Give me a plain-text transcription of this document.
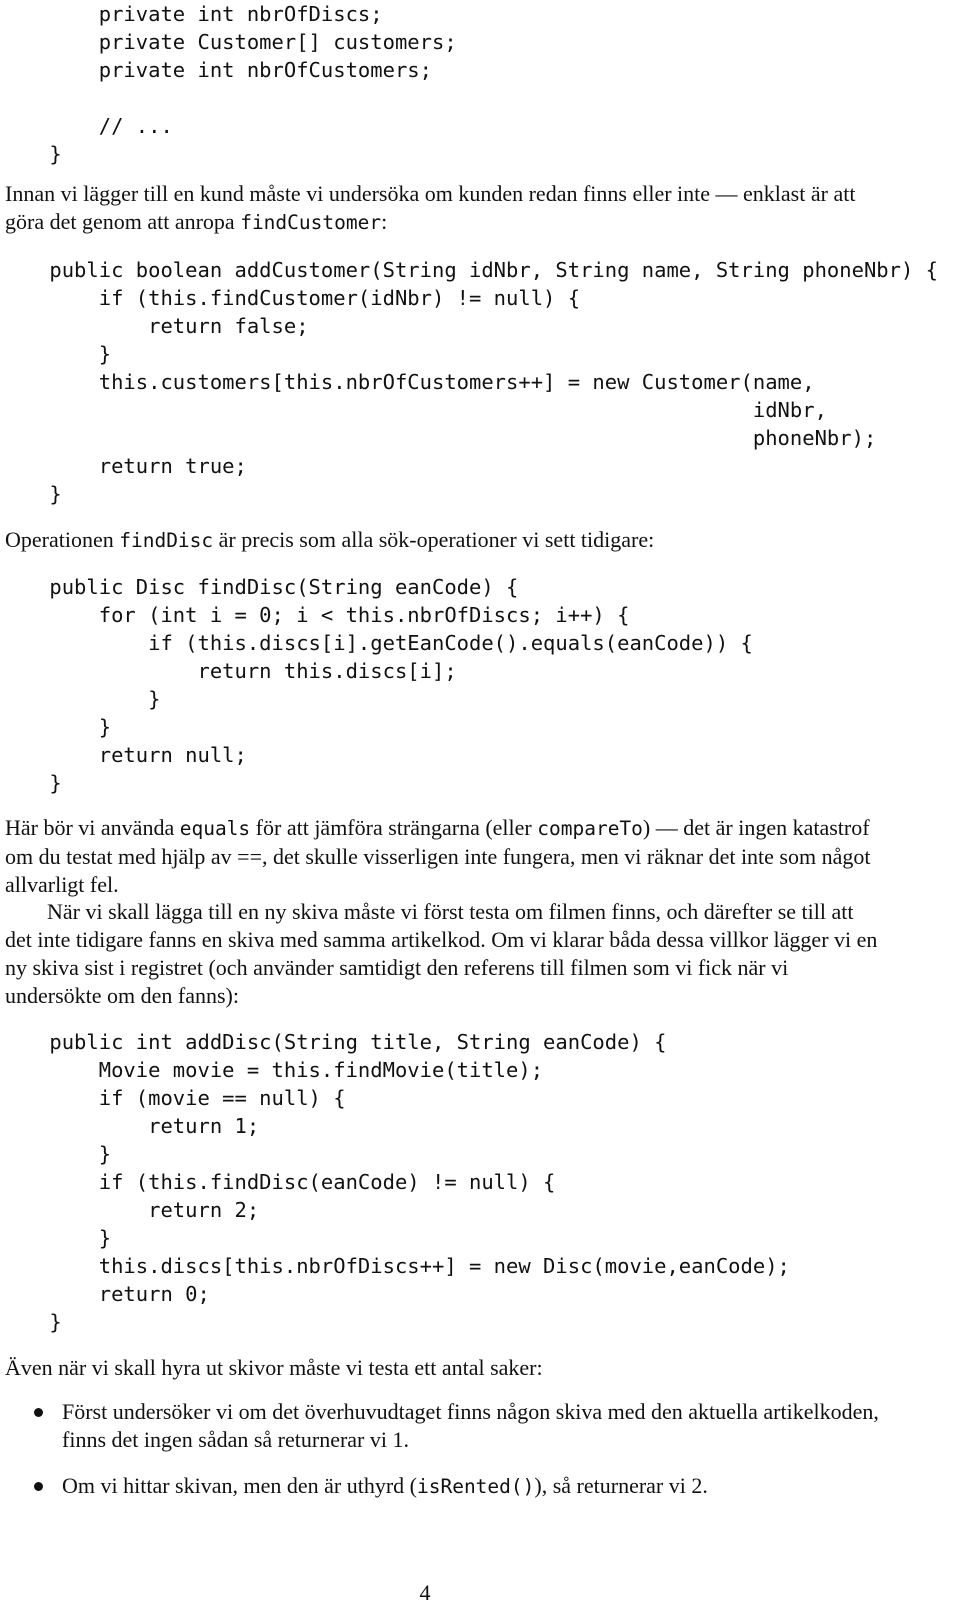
private int nbrOfDiscs;
private Customer[] customers;
private int nbrOfCustomers;

// ...
}

Innan vi lägger till en kund måste vi undersöka om kunden redan finns eller inte — enklast är att göra det genom att anropa findCustomer:

public boolean addCustomer(String idNbr, String name, String phoneNbr) {
if (this.findCustomer(idNbr) != null) {
return false;
}
this.customers[this.nbrOfCustomers++] = new Customer(name,
idNbr,
phoneNbr);
return true;
}

Operationen findDisc är precis som alla sök-operationer vi sett tidigare:

public Disc findDisc(String eanCode) {
for (int i = 0; i < this.nbrOfDiscs; i++) {
if (this.discs[i].getEanCode().equals(eanCode)) {
return this.discs[i];
}
}
return null;
}

Här bör vi använda equals för att jämföra strängarna (eller compareTo) — det är ingen katastrof om du testat med hjälp av ==, det skulle visserligen inte fungera, men vi räknar det inte som något allvarligt fel.

När vi skall lägga till en ny skiva måste vi först testa om filmen finns, och därefter se till att det inte tidigare fanns en skiva med samma artikelkod. Om vi klarar båda dessa villkor lägger vi en ny skiva sist i registret (och använder samtidigt den referens till filmen som vi fick när vi undersökte om den fanns):

public int addDisc(String title, String eanCode) {
Movie movie = this.findMovie(title);
if (movie == null) {
return 1;
}
if (this.findDisc(eanCode) != null) {
return 2;
}
this.discs[this.nbrOfDiscs++] = new Disc(movie,eanCode);
return 0;
}

Även när vi skall hyra ut skivor måste vi testa ett antal saker:

Först undersöker vi om det överhuvudtaget finns någon skiva med den aktuella artikelkoden, finns det ingen sådan så returnerar vi 1.
Om vi hittar skivan, men den är uthyrd (isRented()), så returnerar vi 2.
4
